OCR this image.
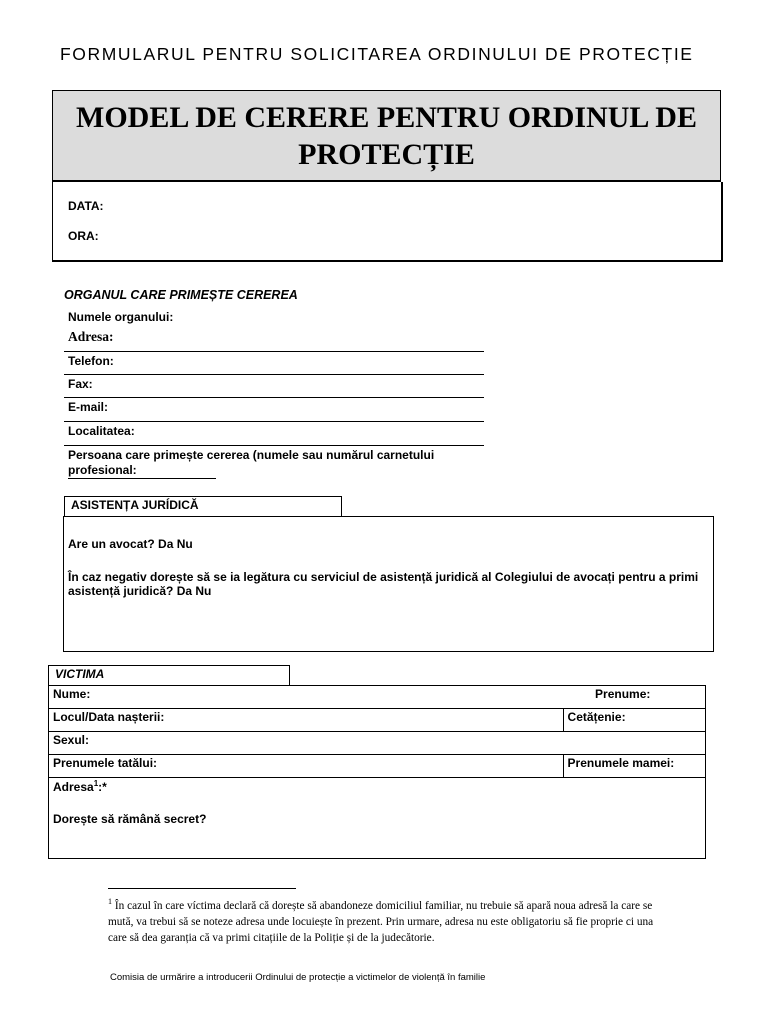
FORMULARUL PENTRU SOLICITAREA ORDINULUI DE PROTECȚIE
MODEL DE CERERE PENTRU ORDINUL DE PROTECȚIE
DATA:
ORA:
ORGANUL CARE PRIMEȘTE CEREREA
Numele organului:
Adresa:
Telefon:
Fax:
E-mail:
Localitatea:
Persoana care primește cererea (numele sau numărul carnetului profesional:
ASISTENȚA JURÍDICĂ
Are un avocat? Da Nu
În caz negativ dorește să se ia legătura cu serviciul de asistență juridică al Colegiului de avocați pentru a primi asistență juridică? Da Nu
VICTIMA
Nume:	Prenume:
Locul/Data nașterii:	Cetățenie:
Sexul:	
Prenumele tatălui:	Prenumele mamei:

Adresa$^1$:*
Dorește să rămână secret?	
$^1$ În cazul în care víctima declară că dorește să abandoneze domiciliul familiar, nu trebuie să apară noua adresă la care se mută, va trebui să se noteze adresa unde locuiește în prezent. Prin urmare, adresa nu este obligatoriu să fie proprie ci una care să dea garanția că va primi citațiile de la Poliție și de la judecătorie.
Comisia de urmărire a introducerii Ordinului de protecție a victimelor de violență în familie
